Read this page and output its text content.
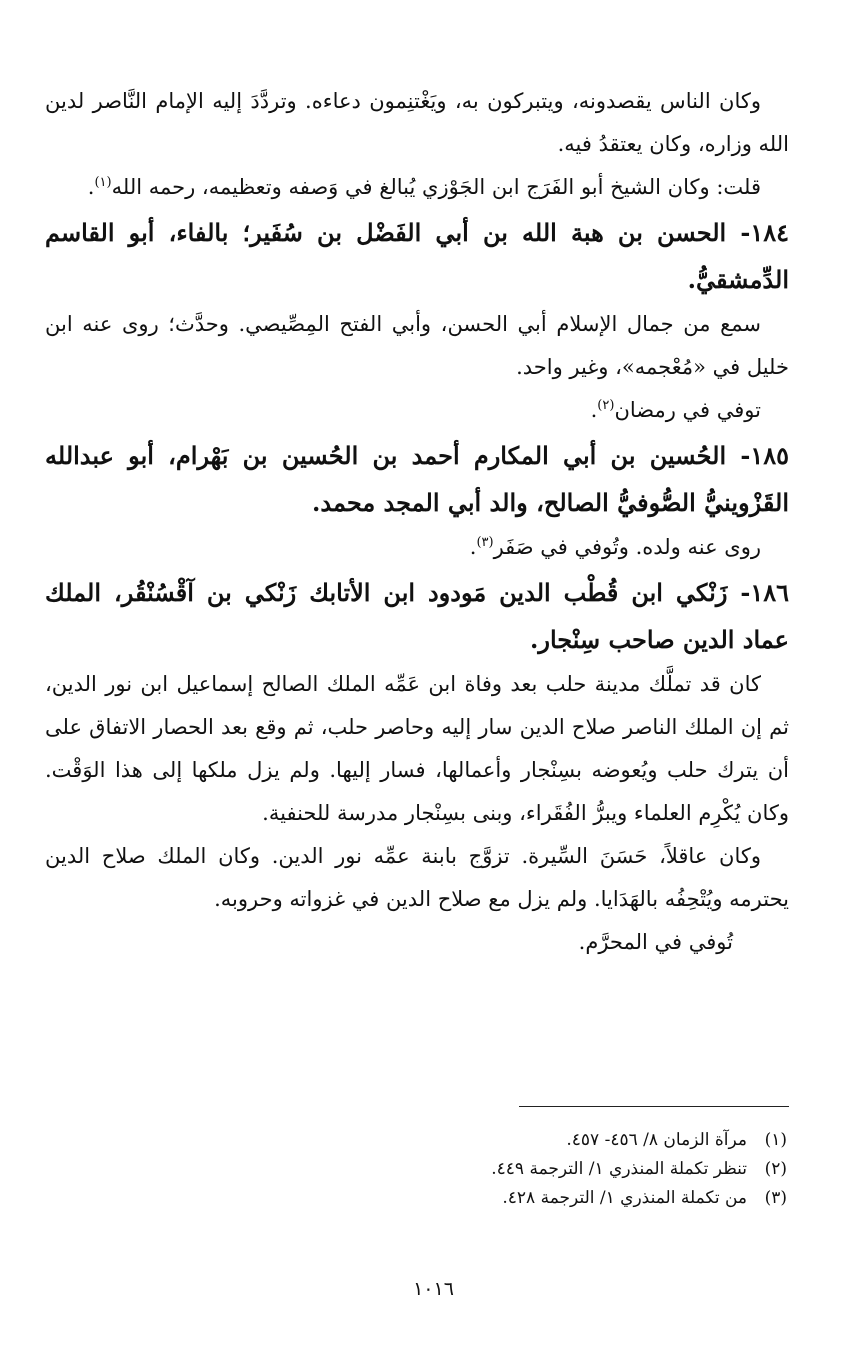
وكان الناس يقصدونه، ويتبركون به، ويَغْتنِمون دعاءه. وتردَّدَ إليه الإمام النَّاصر لدين الله وزاره، وكان يعتقدُ فيه.

قلت: وكان الشيخ أبو الفَرَج ابن الجَوْزي يُبالغ في وَصفه وتعظيمه، رحمه الله$^{(١)}$.

١٨٤- الحسن بن هبة الله بن أبي الفَضْل بن سُفَير؛ بالفاء، أبو القاسم الدِّمشقيُّ.

سمع من جمال الإسلام أبي الحسن، وأبي الفتح المِصِّيصي. وحدَّث؛ روى عنه ابن خليل في «مُعْجمه»، وغير واحد.

توفي في رمضان$^{(٢)}$.

١٨٥- الحُسين بن أبي المكارم أحمد بن الحُسين بن بَهْرام، أبو عبدالله القَزْوينيُّ الصُّوفيُّ الصالح، والد أبي المجد محمد.

روى عنه ولده. وتُوفي في صَفَر$^{(٣)}$.

١٨٦- زَنْكي ابن قُطْب الدين مَودود ابن الأتابك زَنْكي بن آقْسُنْقُر، الملك عماد الدين صاحب سِنْجار.

كان قد تملَّك مدينة حلب بعد وفاة ابن عَمِّه الملك الصالح إسماعيل ابن نور الدين، ثم إن الملك الناصر صلاح الدين سار إليه وحاصر حلب، ثم وقع بعد الحصار الاتفاق على أن يترك حلب ويُعوضه بسِنْجار وأعمالها، فسار إليها. ولم يزل ملكها إلى هذا الوَقْت. وكان يُكْرِم العلماء ويبرُّ الفُقَراء، وبنى بسِنْجار مدرسة للحنفية.

وكان عاقلاً، حَسَنَ السِّيرة. تزوَّج بابنة عمِّه نور الدين. وكان الملك صلاح الدين يحترمه ويُتْحِفُه بالهَدَايا. ولم يزل مع صلاح الدين في غزواته وحروبه.

تُوفي في المحرَّم.

(١)
مرآة الزمان ٨/ ٤٥٦- ٤٥٧.

(٢)
تنظر تكملة المنذري ١/ الترجمة ٤٤٩.

(٣)
من تكملة المنذري ١/ الترجمة ٤٢٨.

١٠١٦
